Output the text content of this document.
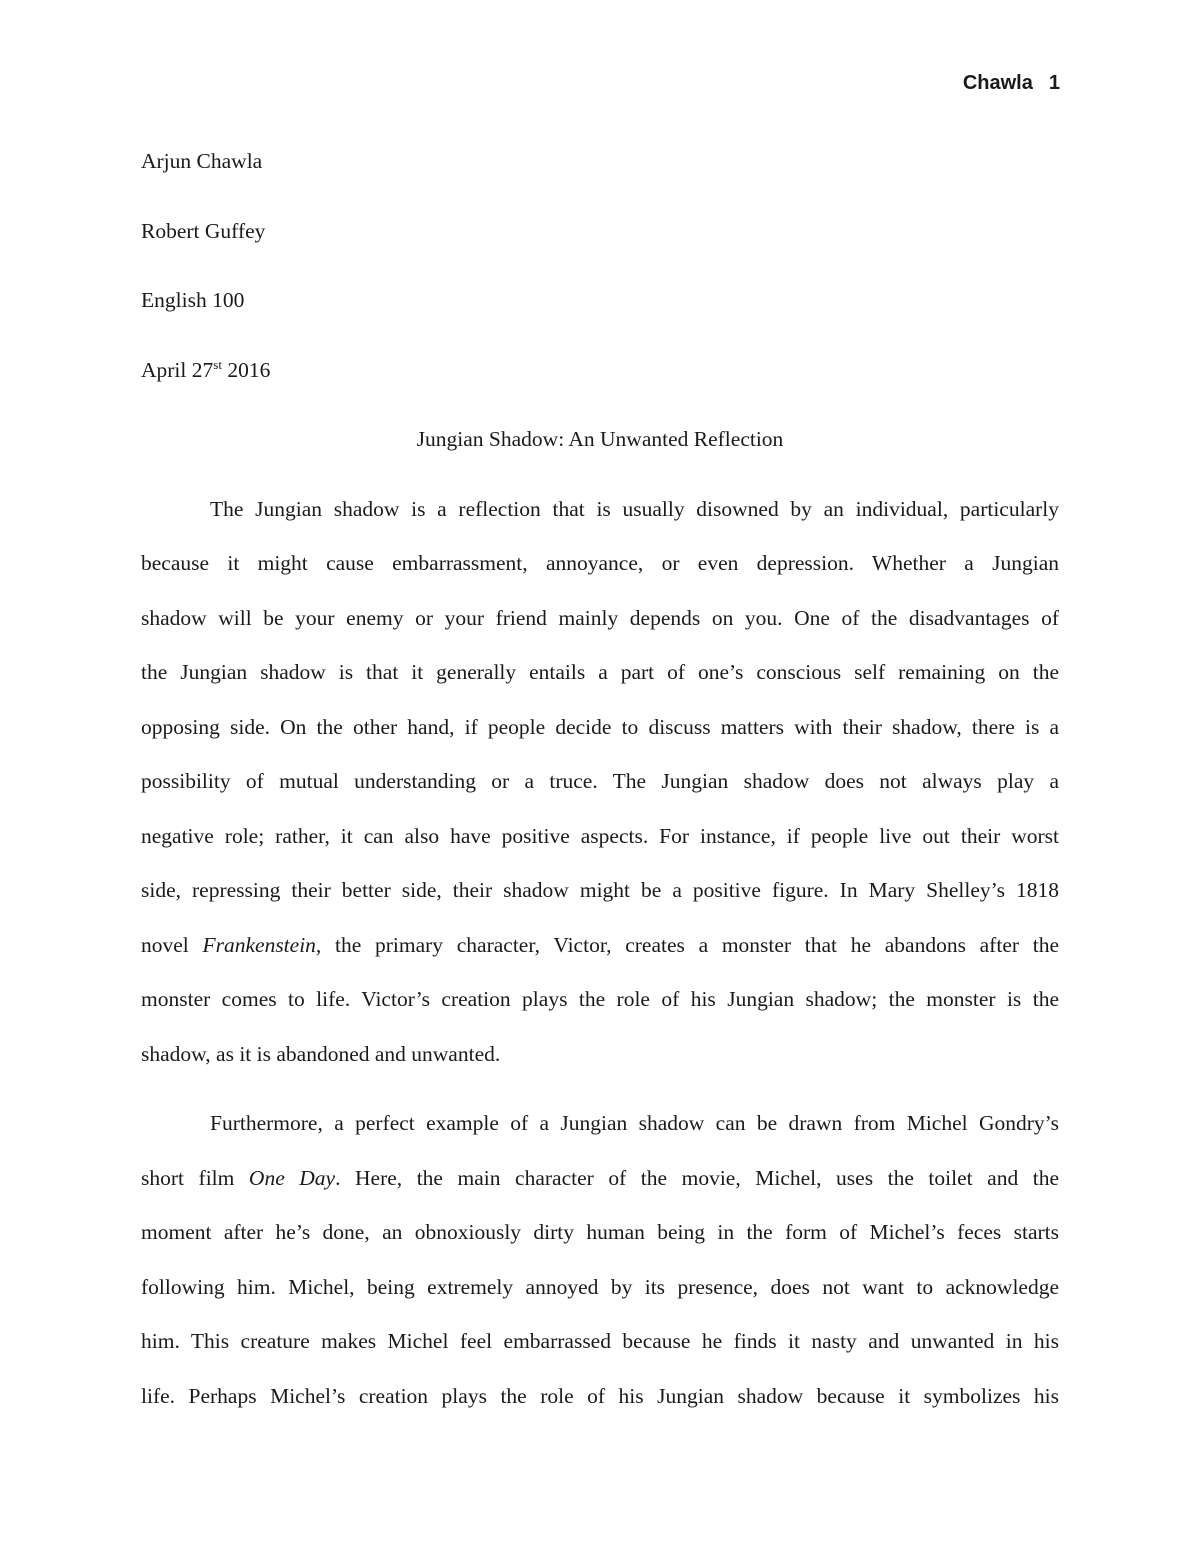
Chawla 1
Arjun Chawla
Robert Guffey
English 100
April 27st 2016
Jungian Shadow: An Unwanted Reflection
The Jungian shadow is a reflection that is usually disowned by an individual, particularly
because it might cause embarrassment, annoyance, or even depression. Whether a Jungian
shadow will be your enemy or your friend mainly depends on you. One of the disadvantages of
the Jungian shadow is that it generally entails a part of one’s conscious self remaining on the
opposing side. On the other hand, if people decide to discuss matters with their shadow, there is a
possibility of mutual understanding or a truce. The Jungian shadow does not always play a
negative role; rather, it can also have positive aspects. For instance, if people live out their worst
side, repressing their better side, their shadow might be a positive figure. In Mary Shelley’s 1818
novel Frankenstein, the primary character, Victor, creates a monster that he abandons after the
monster comes to life. Victor’s creation plays the role of his Jungian shadow; the monster is the
shadow, as it is abandoned and unwanted.
Furthermore, a perfect example of a Jungian shadow can be drawn from Michel Gondry’s
short film One Day. Here, the main character of the movie, Michel, uses the toilet and the
moment after he’s done, an obnoxiously dirty human being in the form of Michel’s feces starts
following him. Michel, being extremely annoyed by its presence, does not want to acknowledge
him. This creature makes Michel feel embarrassed because he finds it nasty and unwanted in his
life. Perhaps Michel’s creation plays the role of his Jungian shadow because it symbolizes his
